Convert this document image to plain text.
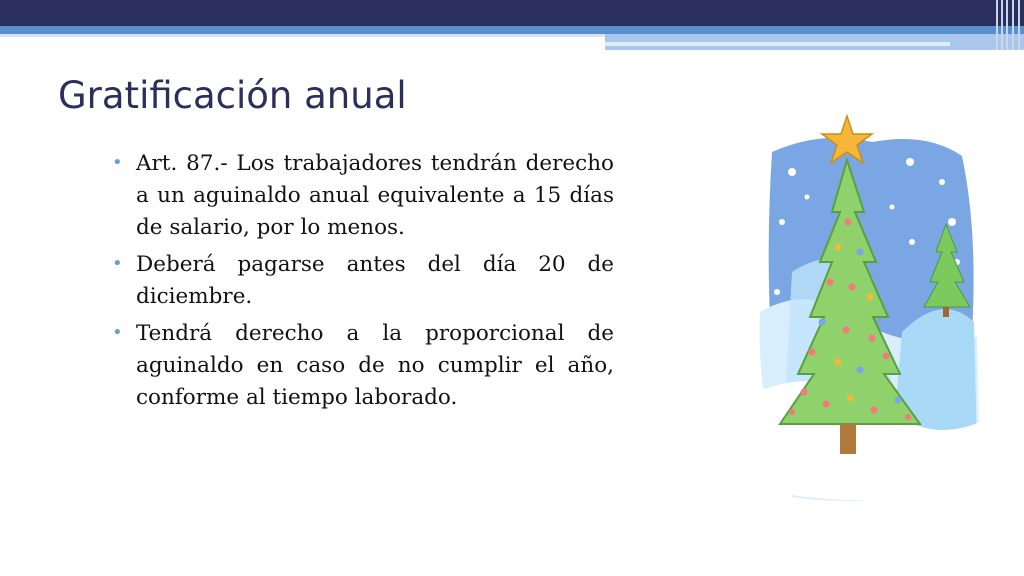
Gratificación anual
• Art. 87.- Los trabajadores tendrán derecho a un aguinaldo anual equivalente a 15 días de salario, por lo menos.
• Deberá pagarse antes del día 20 de diciembre.
• Tendrá derecho a la proporcional de aguinaldo en caso de no cumplir el año, conforme al tiempo laborado.
